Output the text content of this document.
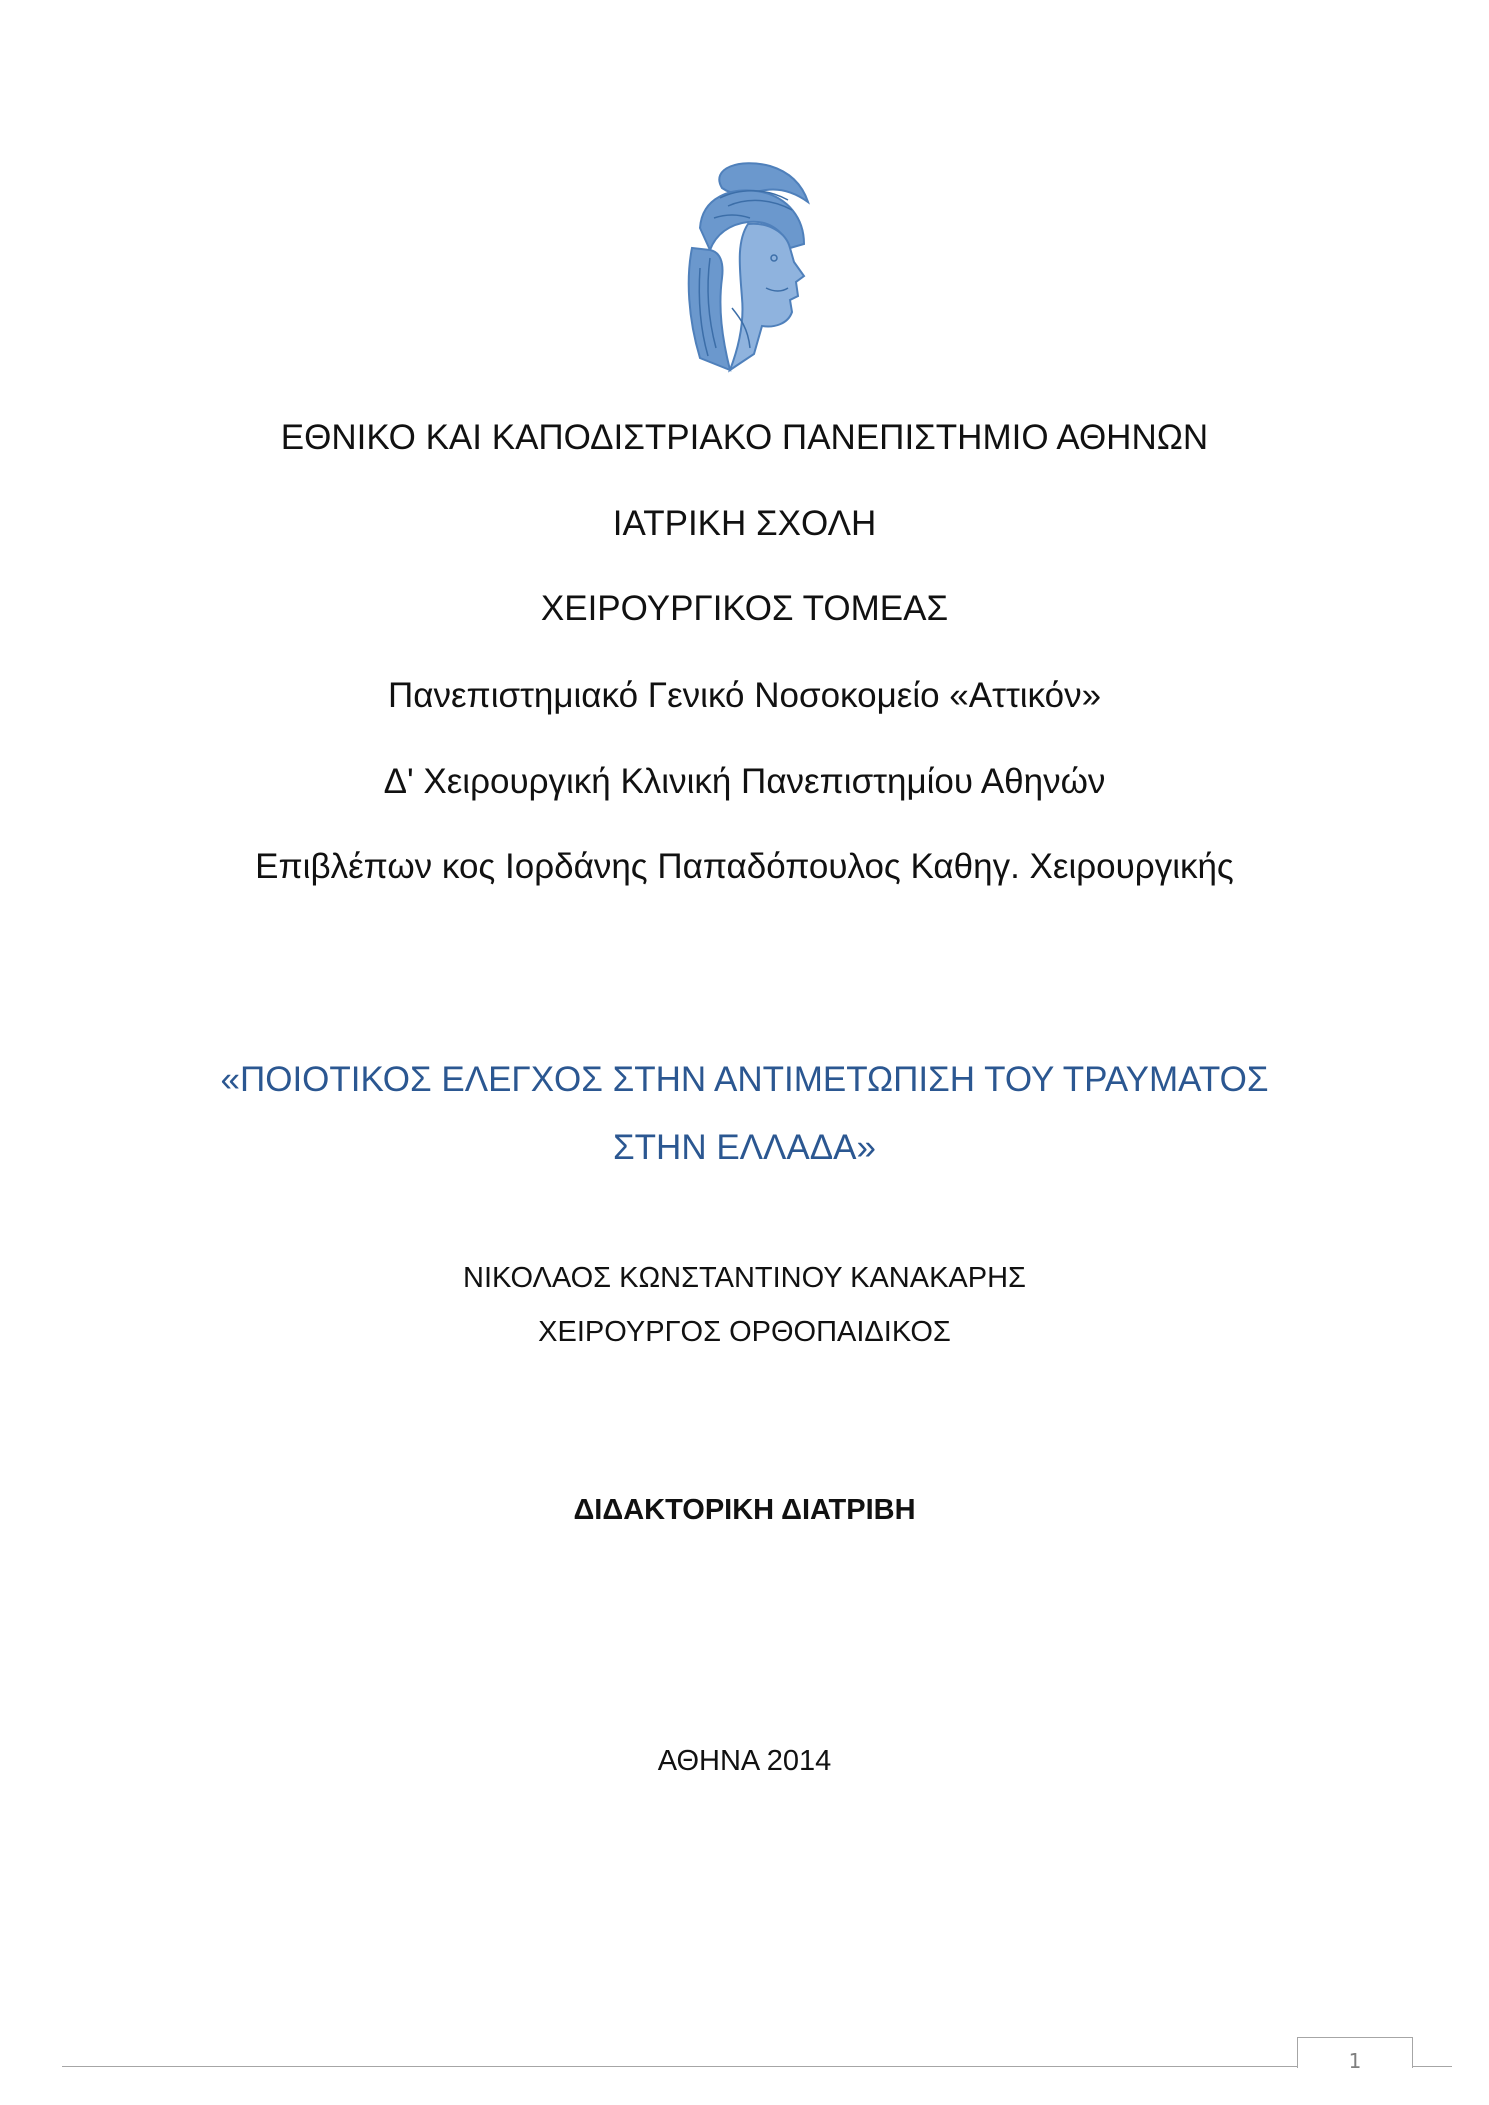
ΕΘΝΙΚΟ ΚΑΙ ΚΑΠΟΔΙΣΤΡΙΑΚΟ ΠΑΝΕΠΙΣΤΗΜΙΟ ΑΘΗΝΩΝ
ΙΑΤΡΙΚΗ ΣΧΟΛΗ
ΧΕΙΡΟΥΡΓΙΚΟΣ ΤΟΜΕΑΣ
Πανεπιστημιακό Γενικό Νοσοκομείο «Αττικόν»
Δ' Χειρουργική Κλινική Πανεπιστημίου Αθηνών
Επιβλέπων κος Ιορδάνης Παπαδόπουλος Καθηγ. Χειρουργικής
«ΠΟΙΟΤΙΚΟΣ ΕΛΕΓΧΟΣ ΣΤΗΝ ΑΝΤΙΜΕΤΩΠΙΣΗ ΤΟΥ ΤΡΑΥΜΑΤΟΣ
ΣΤΗΝ ΕΛΛΑΔΑ»
ΝΙΚΟΛΑΟΣ ΚΩΝΣΤΑΝΤΙΝΟΥ ΚΑΝΑΚΑΡΗΣ
ΧΕΙΡΟΥΡΓΟΣ ΟΡΘΟΠΑΙΔΙΚΟΣ
ΔΙΔΑΚΤΟΡΙΚΗ ΔΙΑΤΡΙΒΗ
ΑΘΗΝΑ 2014
1
